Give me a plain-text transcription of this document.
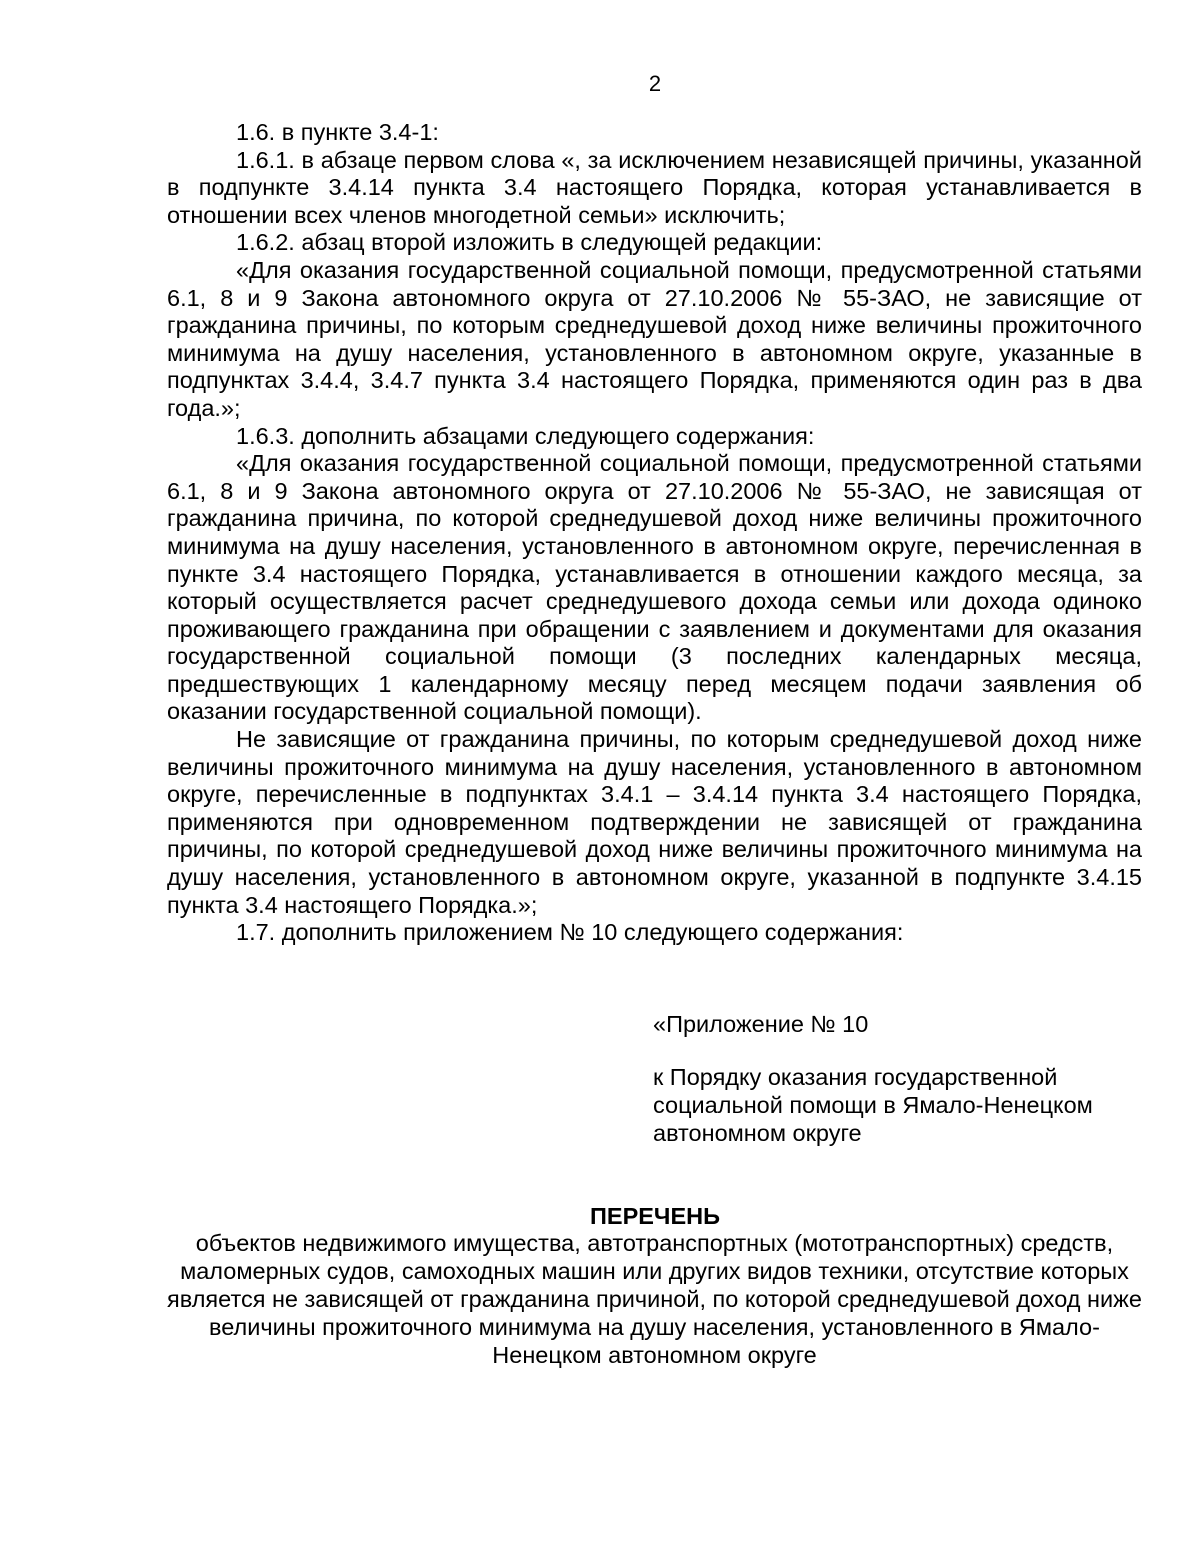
2

1.6. в пункте 3.4-1:

1.6.1. в абзаце первом слова «, за исключением независящей причины, указанной в подпункте 3.4.14 пункта 3.4 настоящего Порядка, которая устанавливается в отношении всех членов многодетной семьи» исключить;

1.6.2. абзац второй изложить в следующей редакции:

«Для оказания государственной социальной помощи, предусмотренной статьями 6.1, 8 и 9 Закона автономного округа от 27.10.2006 № 55-ЗАО, не зависящие от гражданина причины, по которым среднедушевой доход ниже величины прожиточного минимума на душу населения, установленного в автономном округе, указанные в подпунктах 3.4.4, 3.4.7 пункта 3.4 настоящего Порядка, применяются один раз в два года.»;

1.6.3. дополнить абзацами следующего содержания:

«Для оказания государственной социальной помощи, предусмотренной статьями 6.1, 8 и 9 Закона автономного округа от 27.10.2006 № 55-ЗАО, не зависящая от гражданина причина, по которой среднедушевой доход ниже величины прожиточного минимума на душу населения, установленного в автономном округе, перечисленная в пункте 3.4 настоящего Порядка, устанавливается в отношении каждого месяца, за который осуществляется расчет среднедушевого дохода семьи или дохода одиноко проживающего гражданина при обращении с заявлением и документами для оказания государственной социальной помощи (3 последних календарных месяца, предшествующих 1 календарному месяцу перед месяцем подачи заявления об оказании государственной социальной помощи).

Не зависящие от гражданина причины, по которым среднедушевой доход ниже величины прожиточного минимума на душу населения, установленного в автономном округе, перечисленные в подпунктах 3.4.1 – 3.4.14 пункта 3.4 настоящего Порядка, применяются при одновременном подтверждении не зависящей от гражданина причины, по которой среднедушевой доход ниже величины прожиточного минимума на душу населения, установленного в автономном округе, указанной в подпункте 3.4.15 пункта 3.4 настоящего Порядка.»;

1.7. дополнить приложением № 10 следующего содержания:

«Приложение № 10
к Порядку оказания государственной социальной помощи в Ямало-Ненецком автономном округе
ПЕРЕЧЕНЬ
объектов недвижимого имущества, автотранспортных (мототранспортных) средств, маломерных судов, самоходных машин или других видов техники, отсутствие которых является не зависящей от гражданина причиной, по которой среднедушевой доход ниже величины прожиточного минимума на душу населения, установленного в Ямало-Ненецком автономном округе
